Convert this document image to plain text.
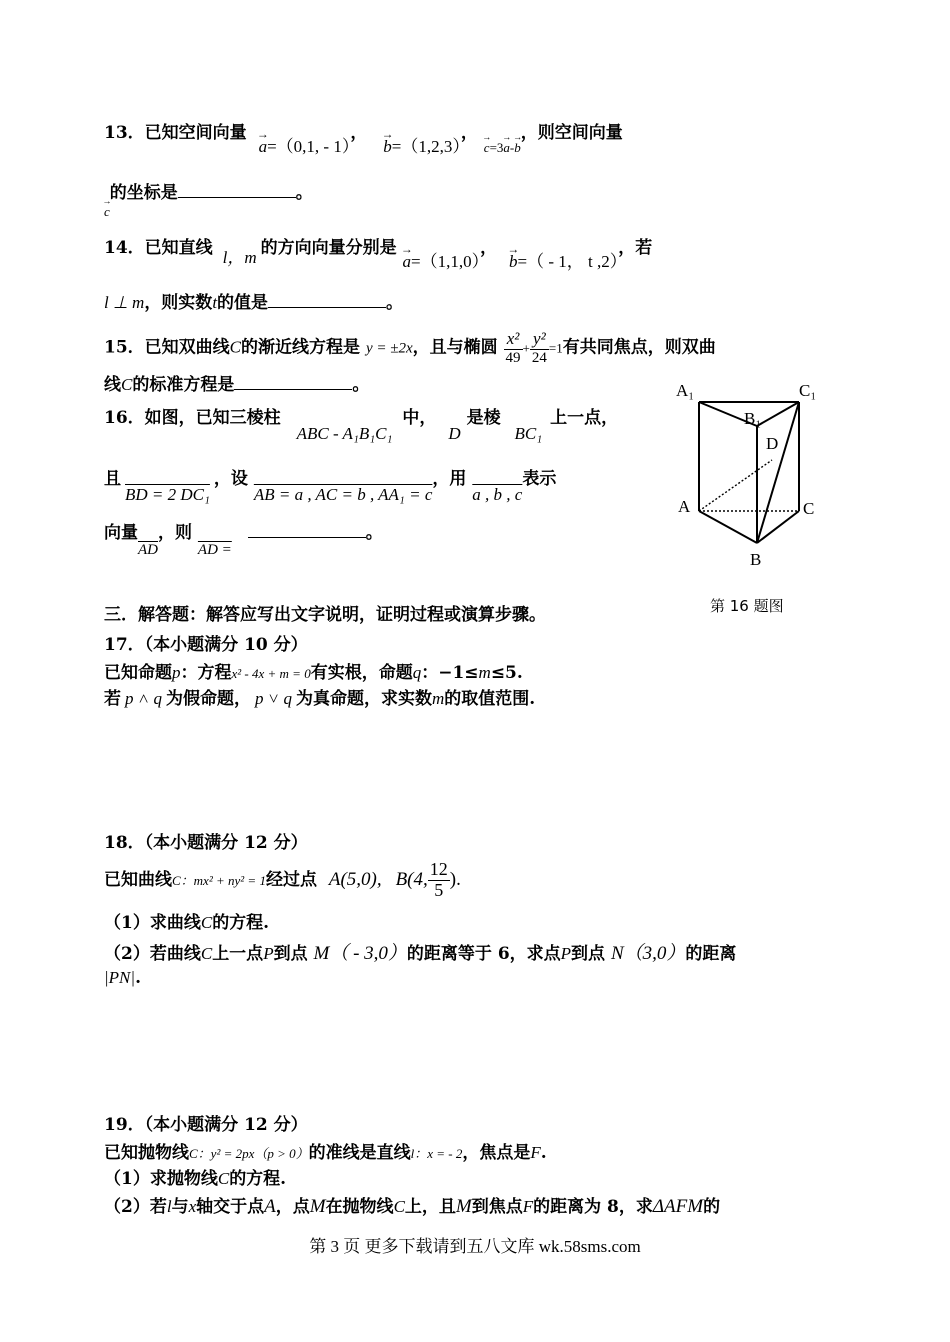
13．已知空间向量 → a=（0,1, - 1）， → b=（1,2,3）， → $c_{=3}\to a_-\to b$，则空间向量
→ c的坐标是	。
14．已知直线 l，m 的方向向量分别是 → a=（1,1,0）， → b=（ - 1， t ,2），若
l ⊥ m，则实数t的值是	。
15．已知双曲线C的渐近线方程是 y = ±2x，且与椭圆 $\frac{\text{x²}}{49} + \frac{\text{y²}}{24} =1$有共同焦点，则双曲
线C的标准方程是	。
16．如图，已知三棱柱 ABC - A₁B₁C₁中， D是棱 BC₁上一点，
且BD = 2 DC₁，设 AB = a , AC = b , AA₁ = c，用 a , b , c表示
向量$\overline{AD}$，则 AD = 。
A₁	C₁
B₁
D
A	C
B
第 16 题图
三．解答题：解答应写出文字说明，证明过程或演算步骤。
17．（本小题满分 10 分）
已知命题p：方程x² - 4x + m = 0有实根，命题q：−1≤m≤5.
若 p ˄ q 为假命题， p ˅ q 为真命题，求实数m的取值范围.
18．（本小题满分 12 分）
已知曲线C：mx² + ny² = 1经过点 A(5,0), B(4, $\frac{12}{5}$ ).
（1）求曲线C的方程.
（2）若曲线C上一点P到点 M（ - 3,0）的距离等于 6，求点P到点 N（3,0）的距离
|PN|.
19．（本小题满分 12 分）
已知抛物线C：y² = 2px（p > 0）的准线是直线l：x = - 2，焦点是F.
（1）求抛物线C的方程.
（2）若l与x轴交于点A，点M在抛物线C上，且M到焦点F的距离为 8，求ΔAFM的
第 3 页 更多下载请到五八文库 wk.58sms.com
